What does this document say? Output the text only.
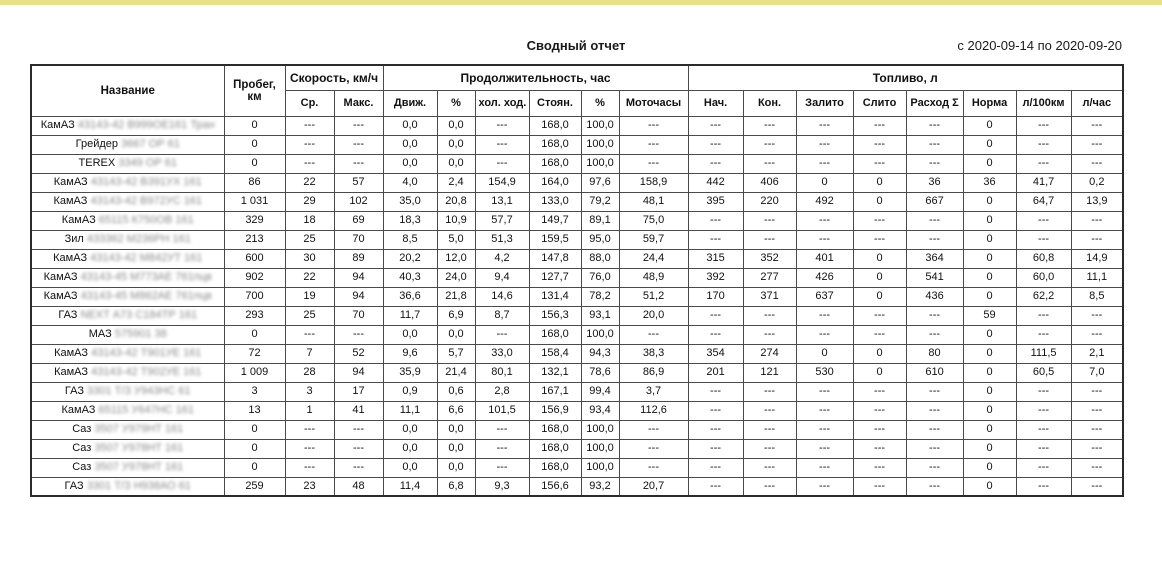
Сводный отчет	с 2020-09-14 по 2020-09-20
Название	Пробег, км	Скорость, км/ч		Продолжительность, час						Топливо, л							
		Ср.	Макс.	Движ.	%	хол. ход.	Стоян.	%	Моточасы	Нач.	Кон.	Залито	Слито	Расход Σ	Норма	л/100км	л/час
КамАЗ 43143-42 В999ОЕ161 Тран	0	---	---	0,0	0,0	---	168,0	100,0	---	---	---	---	---	---	0	---	---
Грейдер 3667 ОР 61	0	---	---	0,0	0,0	---	168,0	100,0	---	---	---	---	---	---	0	---	---
TEREX 3349 ОР 61	0	---	---	0,0	0,0	---	168,0	100,0	---	---	---	---	---	---	0	---	---
КамАЗ 43143-42 В391УХ 161	86	22	57	4,0	2,4	154,9	164,0	97,6	158,9	442	406	0	0	36	36	41,7	0,2
КамАЗ 43143-42 В972УС 161	1 031	29	102	35,0	20,8	13,1	133,0	79,2	48,1	395	220	492	0	667	0	64,7	13,9
КамАЗ 65115 К750ОВ 161	329	18	69	18,3	10,9	57,7	149,7	89,1	75,0	---	---	---	---	---	0	---	---
Зил 433362 М236РН 161	213	25	70	8,5	5,0	51,3	159,5	95,0	59,7	---	---	---	---	---	0	---	---
КамАЗ 43143-42 М842УТ 161	600	30	89	20,2	12,0	4,2	147,8	88,0	24,4	315	352	401	0	364	0	60,8	14,9
КамАЗ 43143-45 М773АЕ 761пцв	902	22	94	40,3	24,0	9,4	127,7	76,0	48,9	392	277	426	0	541	0	60,0	11,1
КамАЗ 43143-45 М862АЕ 761пцв	700	19	94	36,6	21,8	14,6	131,4	78,2	51,2	170	371	637	0	436	0	62,2	8,5
ГАЗ NEXT А73 С184ТР 161	293	25	70	11,7	6,9	8,7	156,3	93,1	20,0	---	---	---	---	---	59	---	---
МАЗ 575901 38	0	---	---	0,0	0,0	---	168,0	100,0	---	---	---	---	---	---	0	---	---
КамАЗ 43143-42 Т901УЕ 161	72	7	52	9,6	5,7	33,0	158,4	94,3	38,3	354	274	0	0	80	0	111,5	2,1
КамАЗ 43143-42 Т902УЕ 161	1 009	28	94	35,9	21,4	80,1	132,1	78,6	86,9	201	121	530	0	610	0	60,5	7,0
ГАЗ 3301 Т/З У943НС 61	3	3	17	0,9	0,6	2,8	167,1	99,4	3,7	---	---	---	---	---	0	---	---
КамАЗ 65115 У647НС 161	13	1	41	11,1	6,6	101,5	156,9	93,4	112,6	---	---	---	---	---	0	---	---
Саз 3507 У979НТ 161	0	---	---	0,0	0,0	---	168,0	100,0	---	---	---	---	---	---	0	---	---
Саз 3507 У978НТ 161	0	---	---	0,0	0,0	---	168,0	100,0	---	---	---	---	---	---	0	---	---
Саз 3507 У978НТ 161	0	---	---	0,0	0,0	---	168,0	100,0	---	---	---	---	---	---	0	---	---
ГАЗ 3301 Т/З Н938АО 61	259	23	48	11,4	6,8	9,3	156,6	93,2	20,7	---	---	---	---	---	0	---	---
